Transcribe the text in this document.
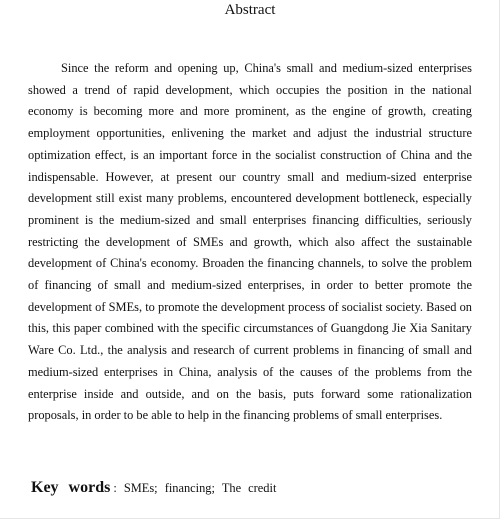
Abstract

Since the reform and opening up, China's small and medium-sized enterprises showed a trend of rapid development, which occupies the position in the national economy is becoming more and more prominent, as the engine of growth, creating employment opportunities, enlivening the market and adjust the industrial structure optimization effect, is an important force in the socialist construction of China and the indispensable. However, at present our country small and medium-sized enterprise development still exist many problems, encountered development bottleneck, especially prominent is the medium-sized and small enterprises financing difficulties, seriously restricting the development of SMEs and growth, which also affect the sustainable development of China's economy. Broaden the financing channels, to solve the problem of financing of small and medium-sized enterprises, in order to better promote the development of SMEs, to promote the development process of socialist society. Based on this, this paper combined with the specific circumstances of Guangdong Jie Xia Sanitary Ware Co. Ltd., the analysis and research of current problems in financing of small and medium-sized enterprises in China, analysis of the causes of the problems from the enterprise inside and outside, and on the basis, puts forward some rationalization proposals, in order to be able to help in the financing problems of small enterprises.

Key words : SMEs; financing; The credit
